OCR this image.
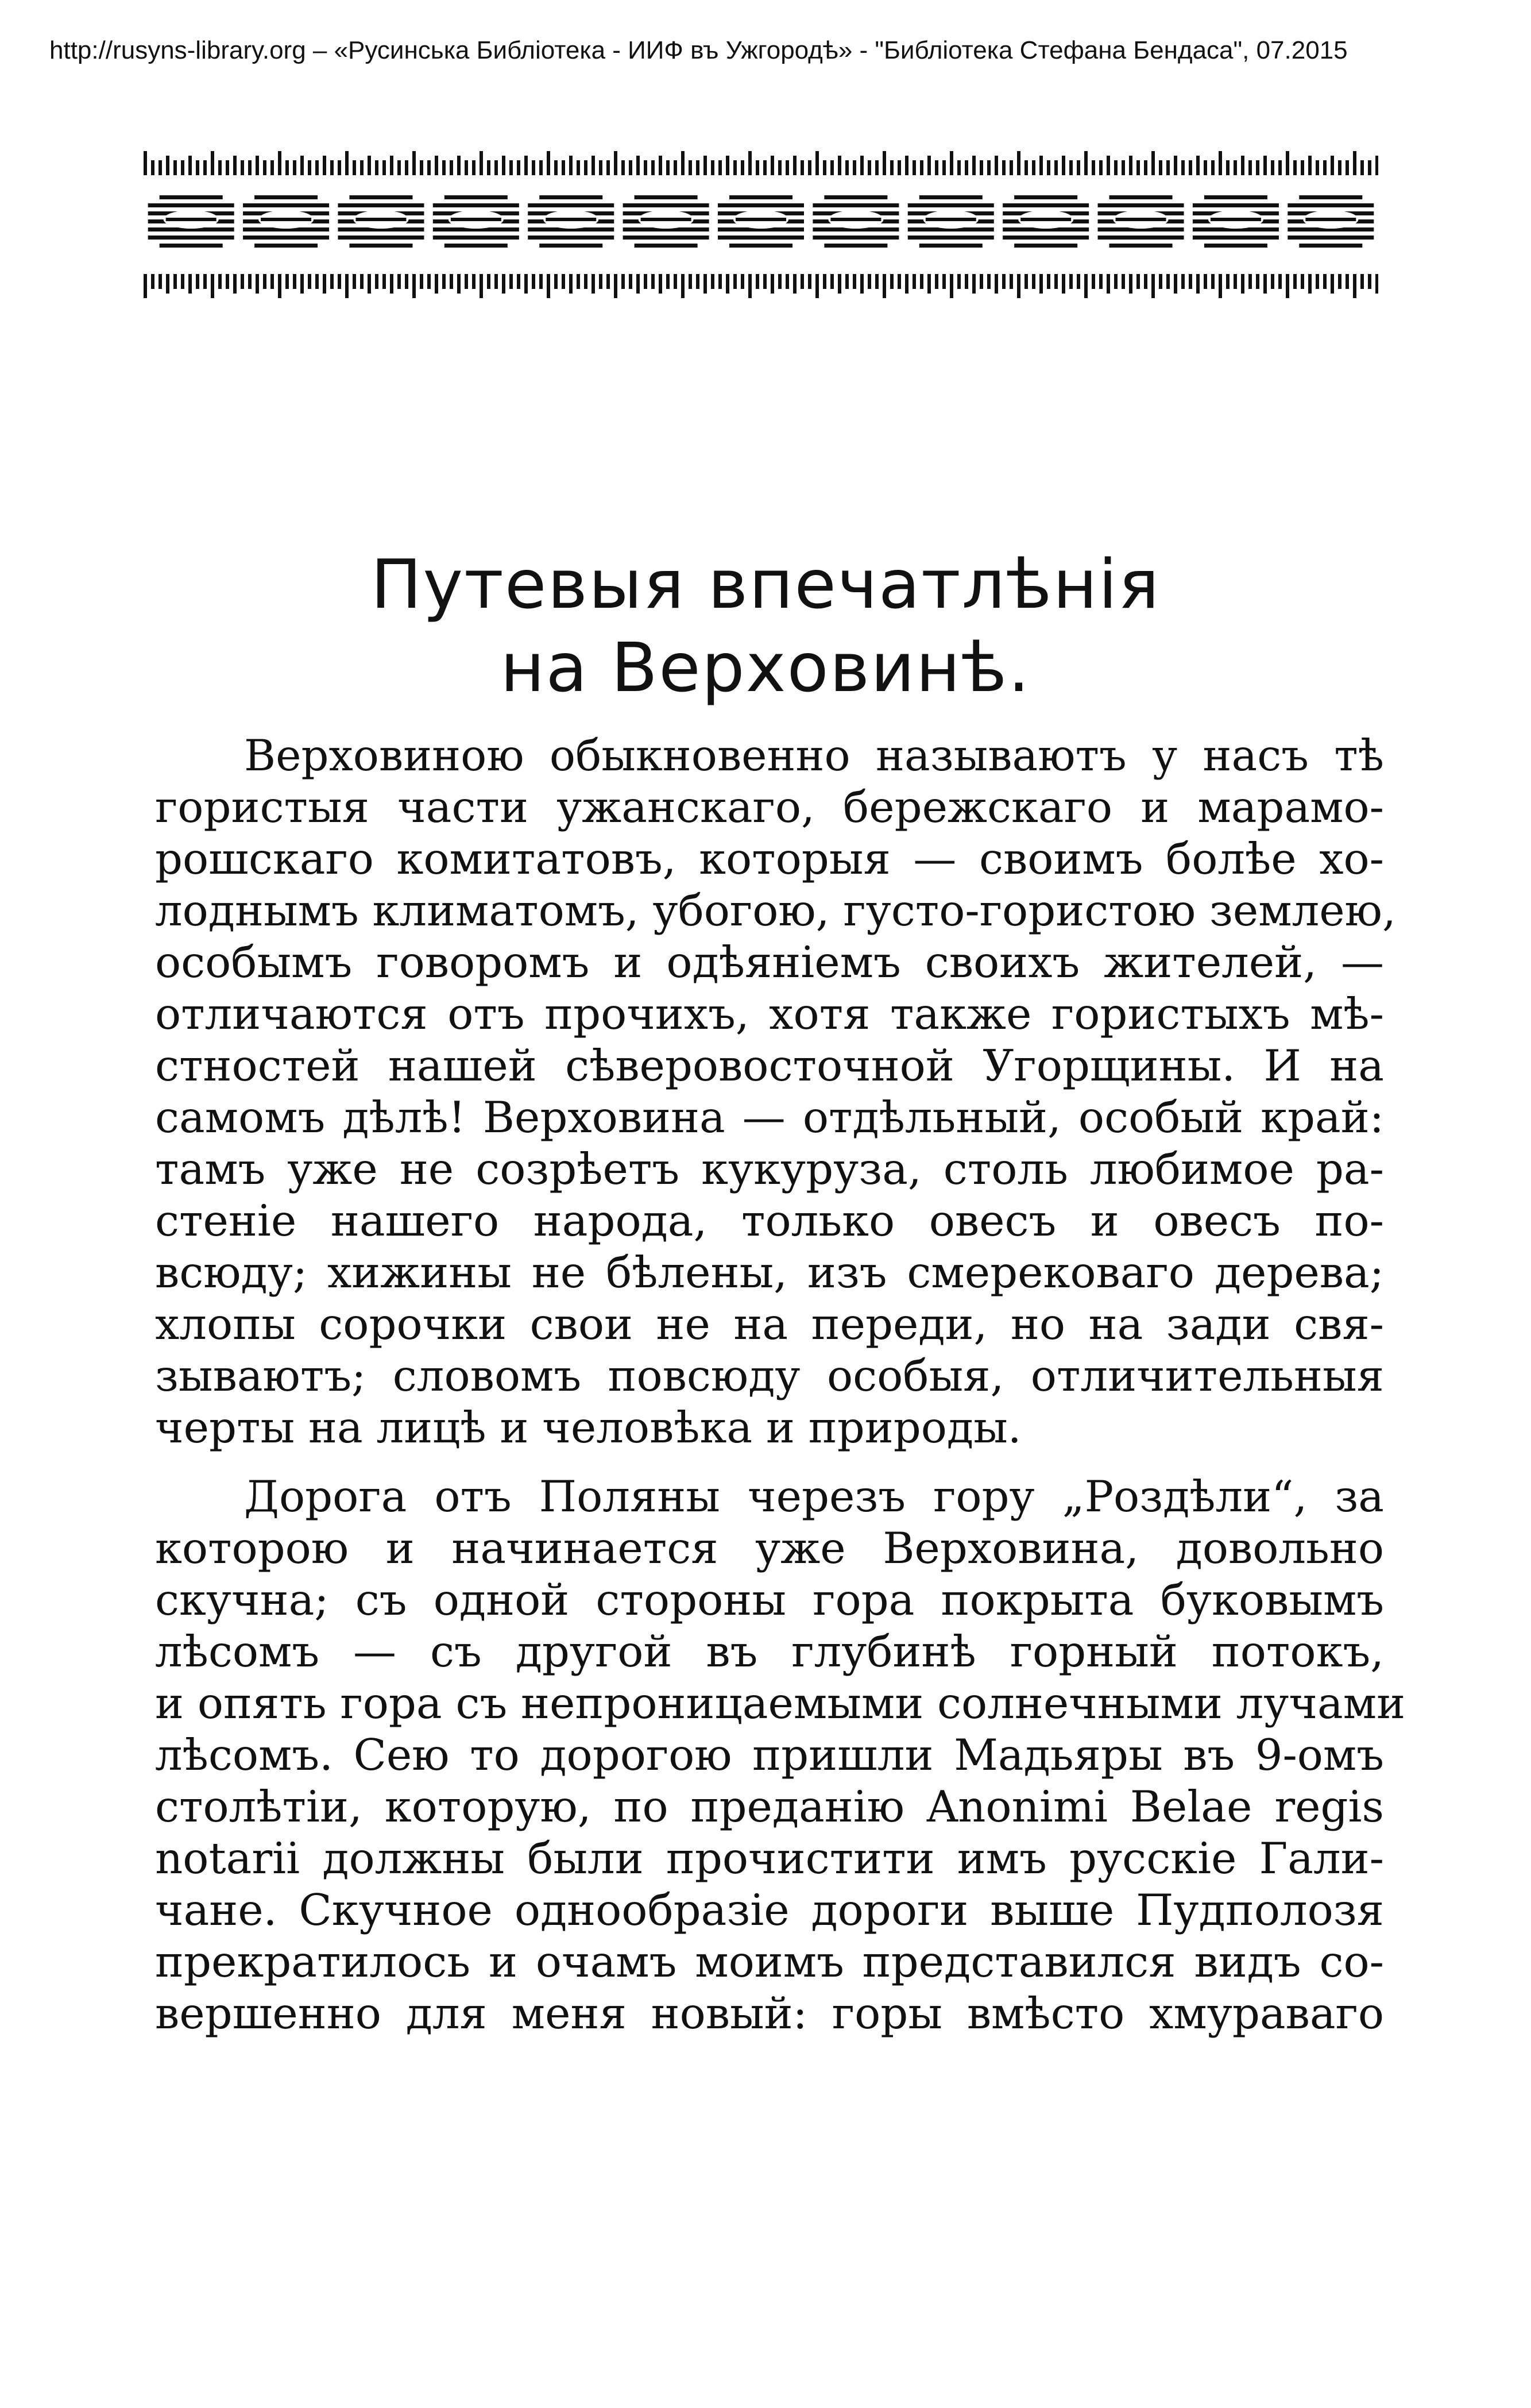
http://rusyns-library.org – «Русинська Библіотека - ИИФ въ Ужгородѣ» - "Библіотека Стефана Бендаса", 07.2015
Путевыя впечатлѣнія
на Верховинѣ.
Верховиною обыкновенно называютъ у насъ тѣ
гористыя части ужанскаго, бережскаго и марамо-
рошскаго комитатовъ, которыя — своимъ болѣе хо-
лоднымъ климатомъ, убогою, густо-гористою землею,
особымъ говоромъ и одѣяніемъ своихъ жителей, —
отличаются отъ прочихъ, хотя также гористыхъ мѣ-
стностей нашей сѣверовосточной Угорщины. И на
самомъ дѣлѣ! Верховина — отдѣльный, особый край:
тамъ уже не созрѣетъ кукуруза, столь любимое ра-
стеніе нашего народа, только овесъ и овесъ по-
всюду; хижины не бѣлены, изъ смерековаго дерева;
хлопы сорочки свои не на переди, но на зади свя-
зываютъ; словомъ повсюду особыя, отличительныя
черты на лицѣ и человѣка и природы.
Дорога отъ Поляны черезъ гору „Роздѣли“, за
которою и начинается уже Верховина, довольно
скучна; съ одной стороны гора покрыта буковымъ
лѣсомъ — съ другой въ глубинѣ горный потокъ,
и опять гора съ непроницаемыми солнечными лучами
лѣсомъ. Сею то дорогою пришли Мадьяры въ 9-омъ
столѣтіи, которую, по преданію Anonimi Belae regis
notarii должны были прочистити имъ русскіе Гали-
чане. Скучное однообразіе дороги выше Пудполозя
прекратилось и очамъ моимъ представился видъ со-
вершенно для меня новый: горы вмѣсто хмураваго
